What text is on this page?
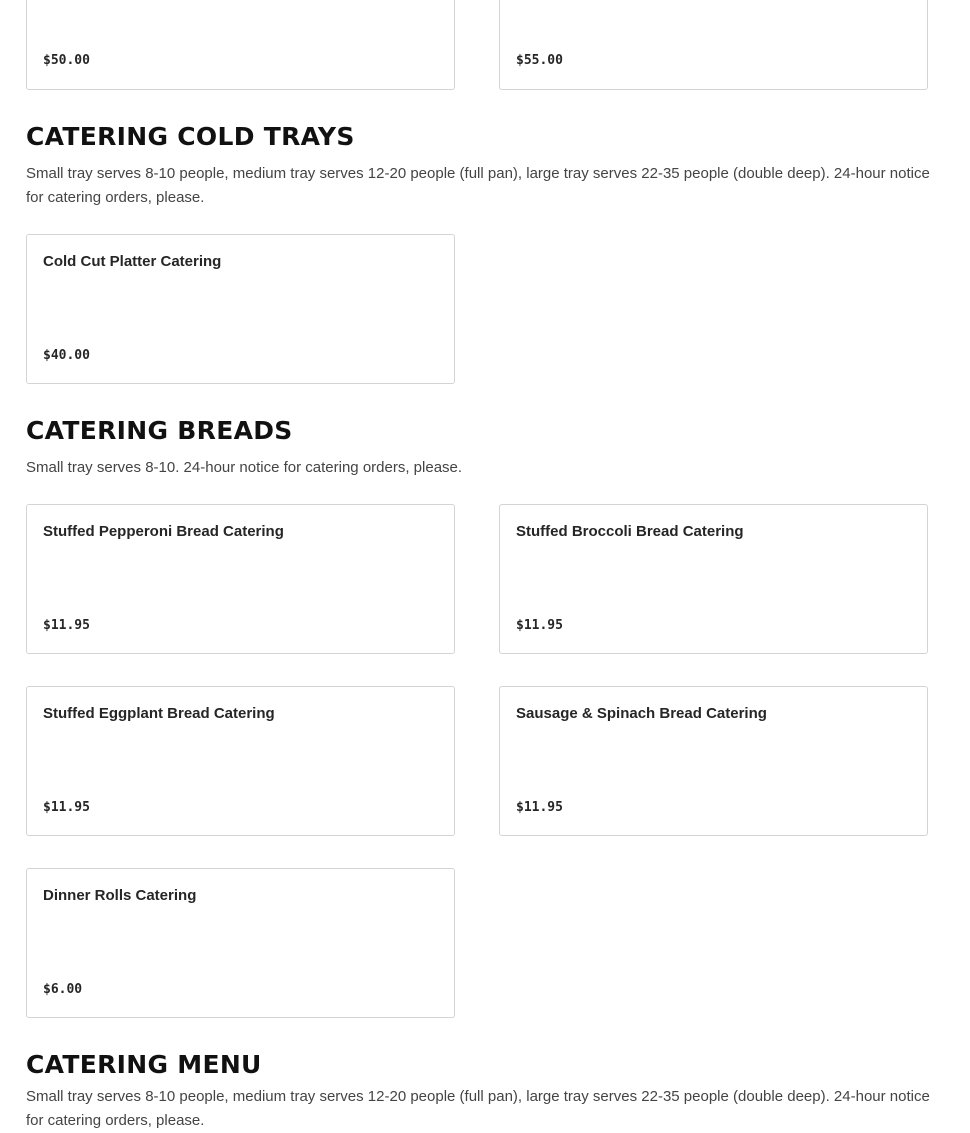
$50.00	$55.00
CATERING COLD TRAYS

Small tray serves 8-10 people, medium tray serves 12-20 people (full pan), large tray serves 22-35 people (double deep). 24-hour notice for catering orders, please.

Cold Cut Platter Catering
$40.00
CATERING BREADS

Small tray serves 8-10. 24-hour notice for catering orders, please.

Stuffed Pepperoni Bread Catering
$11.95
Stuffed Broccoli Bread Catering
$11.95
Stuffed Eggplant Bread Catering
$11.95
Sausage & Spinach Bread Catering
$11.95
Dinner Rolls Catering
$6.00
CATERING MENU

Small tray serves 8-10 people, medium tray serves 12-20 people (full pan), large tray serves 22-35 people (double deep). 24-hour notice for catering orders, please.
